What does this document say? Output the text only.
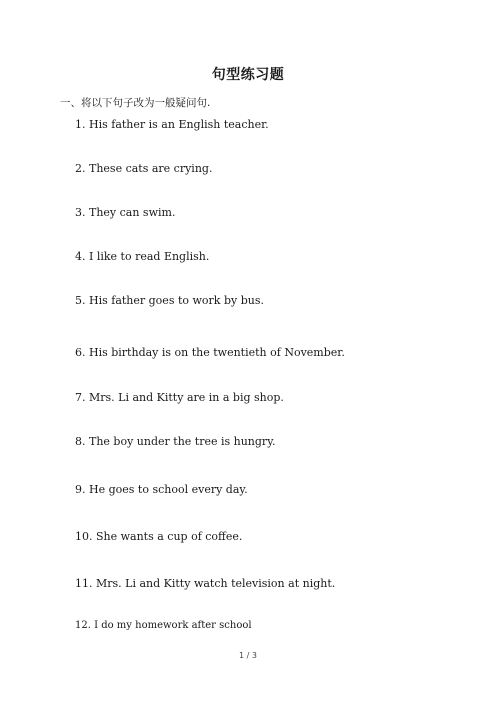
句型练习题
一、将以下句子改为一般疑问句.
1. His father is an English teacher.
2. These cats are crying.
3. They can swim.
4. I like to read English.
5. His father goes to work by bus.
6. His birthday is on the twentieth of November.
7. Mrs. Li and Kitty are in a big shop.
8. The boy under the tree is hungry.
9. He goes to school every day.
10. She wants a cup of coffee.
11. Mrs. Li and Kitty watch television at night.
12. I do my homework after school
1 / 3
